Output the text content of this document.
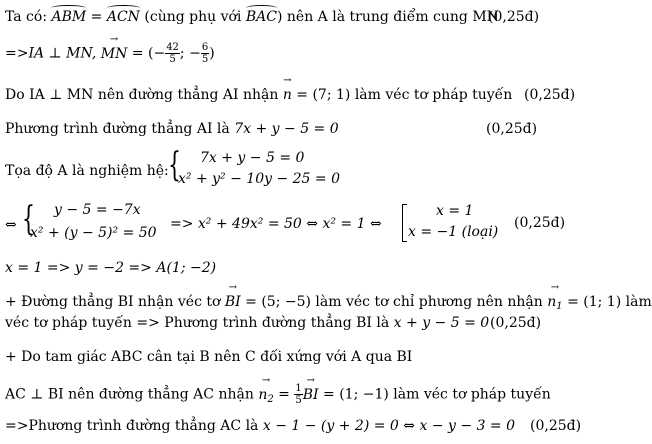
Ta có: ABM = ACN (cùng phụ với BAC) nên A là trung điểm cung MN
(0,25đ)
=>IA ⊥ MN, → MN = (− $\frac{42}{5}$ ; − $\frac{6}{5}$ )
Do IA ⊥ MN nên đường thẳng AI nhận → n = (7; 1) làm véc tơ pháp tuyến (0,25đ)
Phương trình đường thẳng AI là 7x + y − 5 = 0	(0,25đ)
Tọa độ A là nghiệm hệ: { 7x + y − 5 = 0
x² + y² − 10y − 25 = 0
⇔ { y − 5 = −7x
x² + (y − 5)² = 50
=> x² + 49x² = 50 ⇔ x² = 1 ⇔
x = 1
x = −1 (loại)
(0,25đ)
x = 1 => y = −2 => A(1; −2)
+ Đường thẳng BI nhận véc tơ → BI = (5; −5) làm véc tơ chỉ phương nên nhận → $n_1 = (1$; 1) làm
véc tơ pháp tuyến => Phương trình đường thẳng BI là x + y − 5 = 0 (0,25đ)
+ Do tam giác ABC cân tại B nên C đối xứng với A qua BI
AC ⊥ BI nên đường thẳng AC nhận → $n_2 = \frac{1}{5}$
→ BI = (1; −1) làm véc tơ pháp tuyến
=>Phương trình đường thẳng AC là x − 1 − (y + 2) = 0 ⇔ x − y − 3 = 0 (0,25đ)
